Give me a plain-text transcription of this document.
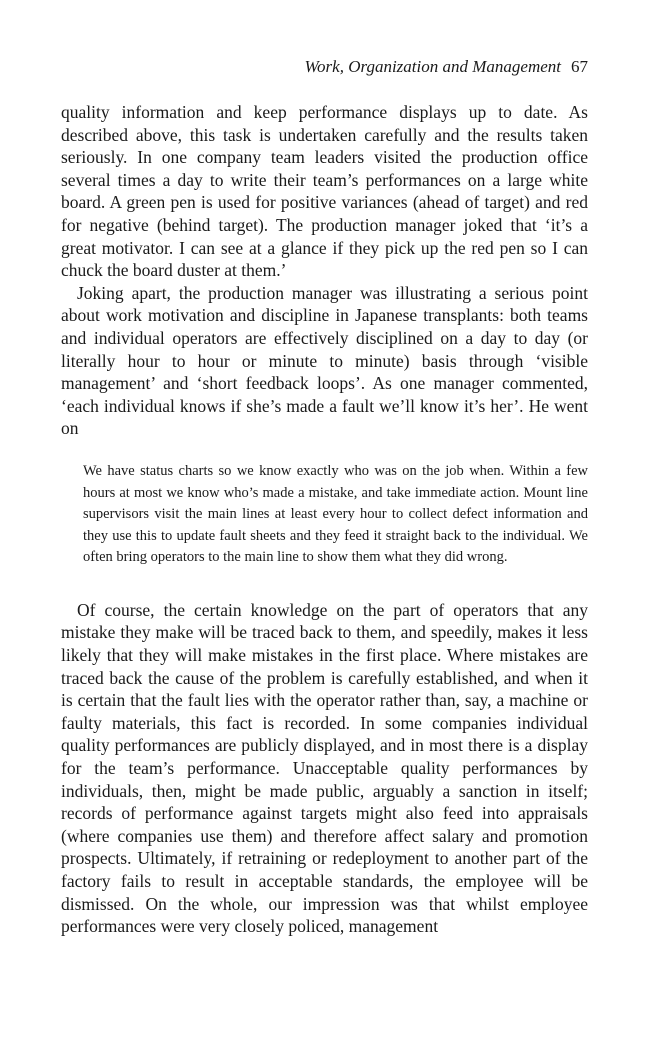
Work, Organization and Management 67

quality information and keep performance displays up to date. As described above, this task is undertaken carefully and the results taken seriously. In one company team leaders visited the production office several times a day to write their team’s performances on a large white board. A green pen is used for positive variances (ahead of target) and red for negative (behind target). The production manager joked that ‘it’s a great motivator. I can see at a glance if they pick up the red pen so I can chuck the board duster at them.’

Joking apart, the production manager was illustrating a serious point about work motivation and discipline in Japanese transplants: both teams and individual operators are effectively disciplined on a day to day (or literally hour to hour or minute to minute) basis through ‘visible management’ and ‘short feedback loops’. As one manager commented, ‘each individual knows if she’s made a fault we’ll know it’s her’. He went on

We have status charts so we know exactly who was on the job when. Within a few hours at most we know who’s made a mistake, and take immediate action. Mount line supervisors visit the main lines at least every hour to collect defect information and they use this to update fault sheets and they feed it straight back to the individual. We often bring operators to the main line to show them what they did wrong.

Of course, the certain knowledge on the part of operators that any mistake they make will be traced back to them, and speedily, makes it less likely that they will make mistakes in the first place. Where mistakes are traced back the cause of the problem is carefully established, and when it is certain that the fault lies with the operator rather than, say, a machine or faulty materials, this fact is recorded. In some companies individual quality performances are publicly displayed, and in most there is a display for the team’s performance. Unacceptable quality performances by individuals, then, might be made public, arguably a sanction in itself; records of performance against targets might also feed into appraisals (where companies use them) and therefore affect salary and promotion prospects. Ultimately, if retraining or redeployment to another part of the factory fails to result in acceptable standards, the employee will be dismissed. On the whole, our impression was that whilst employee performances were very closely policed, management
